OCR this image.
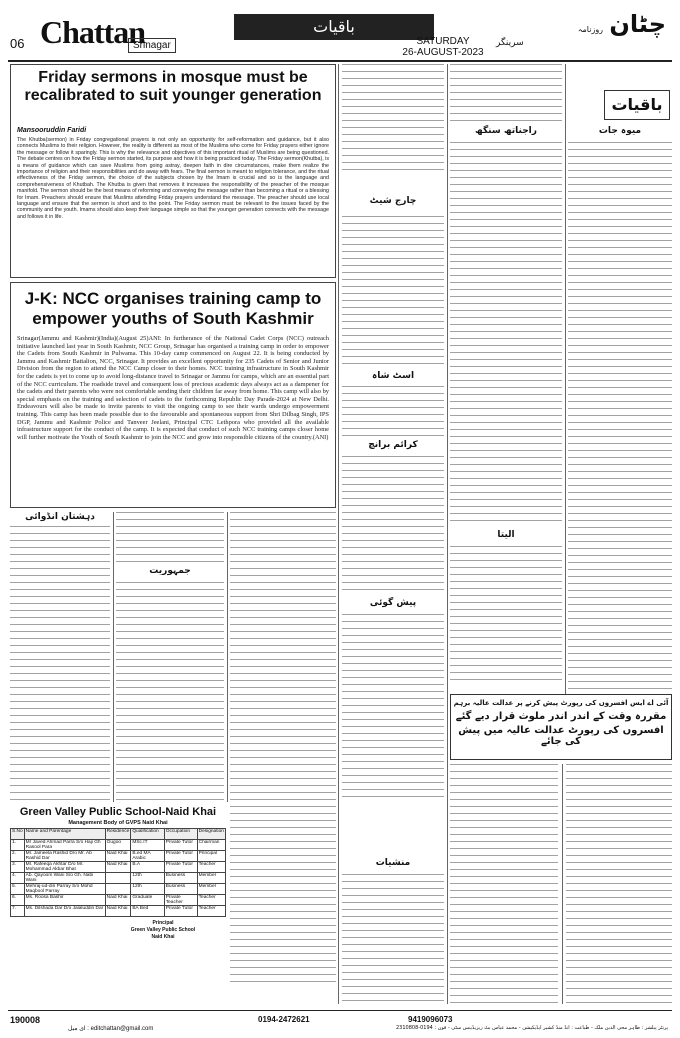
06 Chattan
Srinagar
باقیات
SATURDAY
26-AUGUST-2023
سرینگر
چٹان روزنامہ
Friday sermons in mosque must be recalibrated to suit younger generation
Mansooruddin Faridi
The Khutba(sermon) in Friday congregational prayers is not only an opportunity for self-reformation and guidance, but it also connects Muslims to their religion. However, the reality is different as most of the Muslims who come for Friday prayers either ignore the message or follow it sparingly. This is why the relevance and objectives of this important ritual of Muslims are being questioned. The debate centres on how the Friday sermon started, its purpose and how it is being practiced today. The Friday sermon(Khutba), is a means of guidance which can save Muslims from going astray, deepen faith in dire circumstances, make them realize the importance of religion and their responsibilities and do away with fears. The final sermon is meant to religion tolerance, and the ritual effectiveness of the Friday sermon, the choice of the subjects chosen by the Imam is crucial and so is the language and comprehensiveness of Khutbah. The Khutba is given that removes it increases the responsibility of the preacher of the mosque manifold. The sermon should be the best means of reforming and conveying the message rather than becoming a ritual or a blessing for Imam. Preachers should ensure that Muslims attending Friday prayers understand the message. The preacher should use local language and ensure that the sermon is short and to the point. The Friday sermon must be relevant to the issues faced by the community and the youth. Imams should also keep their language simple so that the younger generation connects with the message and follows it in life.
J-K: NCC organises training camp to empower youths of South Kashmir
Srinagar(Jammu and Kashmir)(India)(August 25)ANI: In furtherance of the National Cadet Corps (NCC) outreach initiative launched last year in South Kashmir, NCC Group, Srinagar has organised a training camp in order to empower the Cadets from South Kashmir in Pulwama. This 10-day camp commenced on August 22. It is being conducted by Jammu and Kashmir Battalion, NCC, Srinagar. It provides an excellent opportunity for 235 Cadets of Senior and Junior Division from the region to attend the NCC Camp closer to their homes. NCC training infrastructure in South Kashmir for the cadets is yet to come up to avoid long-distance travel to Srinagar or Jammu for camps, which are an essential part of the NCC curriculum. The roadside travel and consequent loss of precious academic days always act as a dampener for the cadets and their parents who were not comfortable sending their children far away from home. This camp will also by special emphasis on the training and selection of cadets to the forthcoming Republic Day Parade-2024 at New Delhi. Endeavours will also be made to invite parents to visit the ongoing camp to see their wards undergo empowerment training. This camp has been made possible due to the favourable and spontaneous support from Shri Dilbag Singh, IPS DGP, Jammu and Kashmir Police and Tanveer Jeelani, Principal CTC Lethpora who provided all the available infrastructure support for the conduct of the camp. It is expected that conduct of such NCC training camps closer home will further motivate the Youth of South Kashmir to join the NCC and grow into responsible citizens of the country.(ANI)
دہشتان انڈوائی
جمہوریت
Green Valley Public School-Naid Khai
Management Body of GVPS Naid Khai
S.No	Name and Parentage	Residence	Qualification	Occupation	Designation
1.	Mr Javed Ahmad Parra S/o Haji Gh Rasool Para	Gugoo	MSc.IT	Private Tutor	Chairman
2.	Mr. Jameela Rashid D/o Mr. Ab Rashid Dar	Naid Khai	B.ed MA Arabic	Private Tutor	Principal
3.	Mr. Rafeeqa Akhtar D/o Mr. Mohammad Akbar Bhat	Naid Khai	B.A	Private Tutor	Teacher
4.	Ab. Qayoom Wani S/o Gh. Nabi Wani		12th	Business	Member
5.	Mehraj-ud-din Parray S/o Mohd Maqbool Parray		12th	Business	Member
6.	Ms. Roosa Bashir	Naid Khai	Graduate	Private Teacher	Teacher
7.	Ms. Dilshada Dar D/o Jalaluddin Dar	Naid Khai	BA Bed	Private Tutor	Teacher
Principal
Green Valley Public School
Naid Khai
چارج شیٹ
اسٹ شاہ
کرائم برانچ
راجناتھ سنگھ
پیش گوئی
الیتا
منشیات
باقیات
میوہ جات
آئی اے ایس افسروں کی رپورٹ پیش کرنے پر عدالت عالیہ برہم
مقررہ وقت کے اندر اندر ملوث قرار دیے گئے
افسروں کی رپورٹ عدالت عالیہ میں پیش کی جائے
190008	0194-2472621	9419096073
ای میل : editchattan@gmail.com	پرنٹر پبلشر : طاہر محی الدین ملک - طباعت : انڈ منڈ کشیر ایڈیکیشن - محمد عباس بٹ ریزیڈینس سٹی - فون : 0194-2310808
